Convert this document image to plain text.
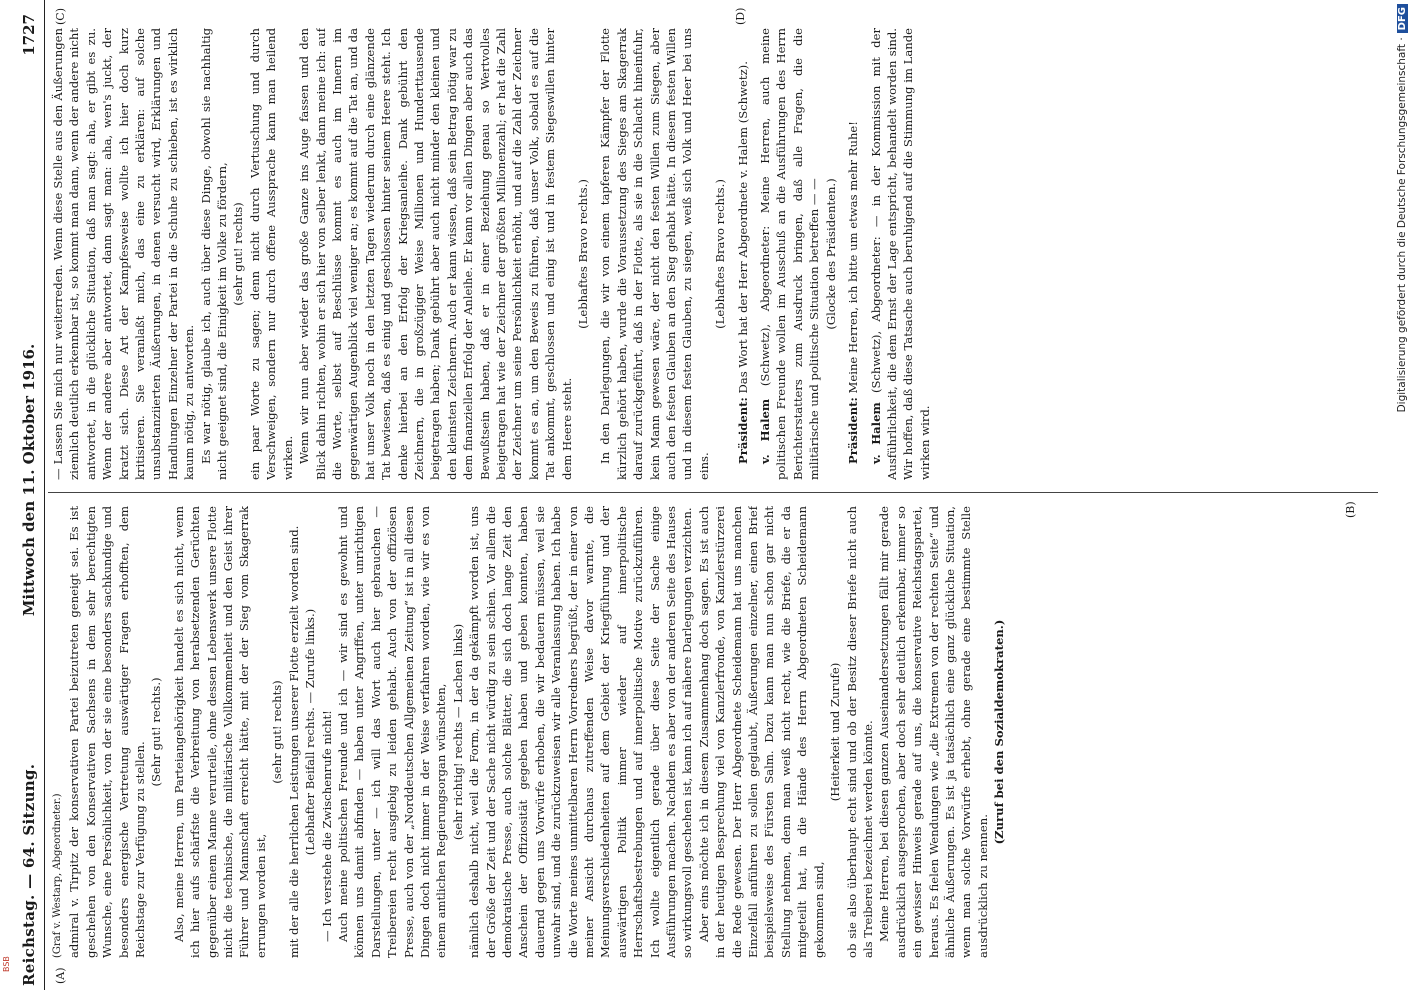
Reichstag. — 64. Sitzung.
Mittwoch den 11. Oktober 1916.
1727
(A)
(B)
(C)	(D)

(Graf v. Westarp, Abgeordneter.) admiral v. Tirpitz der konservativen Partei beizutreten geneigt sei. Es ist geschehen von den Konservativen Sachsens in dem sehr berechtigten Wunsche, eine Persönlichkeit, von der sie eine besonders sachkundige und besonders energische Vertretung auswärtiger Fragen erhofften, dem Reichstage zur Verfügung zu stellen.

(Sehr gut! rechts.) Also, meine Herren, um Parteiangehörigkeit handelt es sich nicht, wenn ich hier aufs schärfste die Verbreitung von herabsetzenden Gerüchten gegenüber einem Manne verurteile, ohne dessen Lebenswerk unsere Flotte nicht die technische, die militärische Vollkommenheit und den Geist ihrer Führer und Mannschaft erreicht hätte, mit der der Sieg vom Skagerrak errungen worden ist,

(sehr gut! rechts) mit der alle die herrlichen Leistungen unserer Flotte erzielt worden sind. (Lebhafter Beifall rechts. — Zurufe links.) — Ich verstehe die Zwischenrufe nicht! Auch meine politischen Freunde und ich — wir sind es gewohnt und können uns damit abfinden — haben unter Angriffen, unter unrichtigen Darstellungen, unter — ich will das Wort auch hier gebrauchen — Treibereien recht ausgiebig zu leiden gehabt. Auch von der offiziösen Presse, auch von der „Norddeutschen Allgemeinen Zeitung“ ist in all diesen Dingen doch nicht immer in der Weise verfahren worden, wie wir es von einem amtlichen Regierungsorgan wünschten, (sehr richtig! rechts — Lachen links) nämlich deshalb nicht, weil die Form, in der da gekämpft worden ist, uns der Größe der Zeit und der Sache nicht würdig zu sein schien. Vor allem die demokratische Presse, auch solche Blätter, die sich doch lange Zeit den Anschein der Offiziosität gegeben haben und geben konnten, haben dauernd gegen uns Vorwürfe erhoben, die wir bedauern müssen, weil sie unwahr sind, und die zurückzuweisen wir alle Veranlassung haben. Ich habe die Worte meines unmittelbaren Herrn Vorredners begrüßt, der in einer von meiner Ansicht durchaus zutreffenden Weise davor warnte, die Meinungsverschiedenheiten auf dem Gebiet der Kriegführung und der auswärtigen Politik immer wieder auf innerpolitische Herrschaftsbestrebungen und auf innerpolitische Motive zurückzuführen. Ich wollte eigentlich gerade über diese Seite der Sache einige Ausführungen machen. Nachdem es aber von der anderen Seite des Hauses so wirkungsvoll geschehen ist, kann ich auf nähere Darlegungen verzichten. Aber eins möchte ich in diesem Zusammenhang doch sagen. Es ist auch in der heutigen Besprechung viel von Kanzlerfronde, von Kanzlerstürzerei die Rede gewesen. Der Herr Abgeordnete Scheidemann hat uns manchen Einzelfall anführen zu sollen geglaubt, Äußerungen einzelner, einen Brief beispielsweise des Fürsten Salm. Dazu kann man nun schon gar nicht Stellung nehmen, denn man weiß nicht recht, wie die Briefe, die er da mitgeteilt hat, in die Hände des Herrn Abgeordneten Scheidemann gekommen sind,

(Heiterkeit und Zurufe) ob sie also überhaupt echt sind und ob der Besitz dieser Briefe nicht auch als Treiberei bezeichnet werden könnte. Meine Herren, bei diesen ganzen Auseinandersetzungen fällt mir gerade ausdrücklich ausgesprochen, aber doch sehr deutlich erkennbar, immer so ein gewisser Hinweis gerade auf uns, die konservative Reichstagspartei, heraus. Es fielen Wendungen wie „die Extremen von der rechten Seite“ und ähnliche Äußerungen. Es ist ja tatsächlich eine ganz glückliche Situation, wenn man solche Vorwürfe erhebt, ohne gerade eine bestimmte Stelle ausdrücklich zu nennen.

(Zuruf bei den Sozialdemokraten.)

— Lassen Sie mich nur weiterreden. Wenn diese Stelle aus den Äußerungen ziemlich deutlich erkennbar ist, so kommt man dann, wenn der andere nicht antwortet, in die glückliche Situation, daß man sagt: aha, er gibt es zu. Wenn der andere aber antwortet, dann sagt man: aha, wen's juckt, der kratzt sich. Diese Art der Kampfesweise wollte ich hier doch kurz kritisieren. Sie veranlaßt mich, das eine zu erklären: auf solche unsubstanziierten Äußerungen, in denen versucht wird, Erklärungen und Handlungen Einzelner der Partei in die Schuhe zu schieben, ist es wirklich kaum nötig, zu antworten. Es war nötig, glaube ich, auch über diese Dinge, obwohl sie nachhaltig nicht geeignet sind, die Einigkeit im Volke zu fördern, (sehr gut! rechts) ein paar Worte zu sagen; denn nicht durch Vertuschung und durch Verschweigen, sondern nur durch offene Aussprache kann man heilend wirken. Wenn wir nun aber wieder das große Ganze ins Auge fassen und den Blick dahin richten, wohin er sich hier von selber lenkt, dann meine ich: auf die Worte, selbst auf Beschlüsse kommt es auch im Innern im gegenwärtigen Augenblick viel weniger an; es kommt auf die Tat an, und da hat unser Volk noch in den letzten Tagen wiederum durch eine glänzende Tat bewiesen, daß es einig und geschlossen hinter seinem Heere steht. Ich denke hierbei an den Erfolg der Kriegsanleihe. Dank gebührt den Zeichnern, die in großzügiger Weise Millionen und Hunderttausende beigetragen haben; Dank gebührt aber auch nicht minder den kleinen und den kleinsten Zeichnern. Auch er kann wissen, daß sein Betrag nötig war zu dem finanziellen Erfolg der Anleihe. Er kann vor allen Dingen aber auch das Bewußtsein haben, daß er in einer Beziehung genau so Wertvolles beigetragen hat wie der Zeichner der größten Millionenzahl; er hat die Zahl der Zeichner um seine Persönlichkeit erhöht, und auf die Zahl der Zeichner kommt es an, um den Beweis zu führen, daß unser Volk, sobald es auf die Tat ankommt, geschlossen und einig ist und in festem Siegeswillen hinter dem Heere steht.

(Lebhaftes Bravo rechts.) In den Darlegungen, die wir von einem tapferen Kämpfer der Flotte kürzlich gehört haben, wurde die Voraussetzung des Sieges am Skagerrak darauf zurückgeführt, daß in der Flotte, als sie in die Schlacht hineinfuhr, kein Mann gewesen wäre, der nicht den festen Willen zum Siegen, aber auch den festen Glauben an den Sieg gehabt hätte. In diesem festen Willen und in diesem festen Glauben, zu siegen, weiß sich Volk und Heer bei uns eins.

(Lebhaftes Bravo rechts.)

Präsident: Das Wort hat der Herr Abgeordnete v. Halem (Schwetz).

v. Halem (Schwetz), Abgeordneter: Meine Herren, auch meine politischen Freunde wollen im Ausschuß an die Ausführungen des Herrn Berichterstatters zum Ausdruck bringen, daß alle Fragen, die die militärische und politische Situation betreffen — — (Glocke des Präsidenten.)

Präsident: Meine Herren, ich bitte um etwas mehr Ruhe!

v. Halem (Schwetz), Abgeordneter: — in der Kommission mit der Ausführlichkeit, die dem Ernst der Lage entspricht, behandelt worden sind. Wir hoffen, daß diese Tatsache auch beruhigend auf die Stimmung im Lande wirken wird.

Digitalisierung gefördert durch die Deutsche Forschungsgemeinschaft ·DFG
BSB
